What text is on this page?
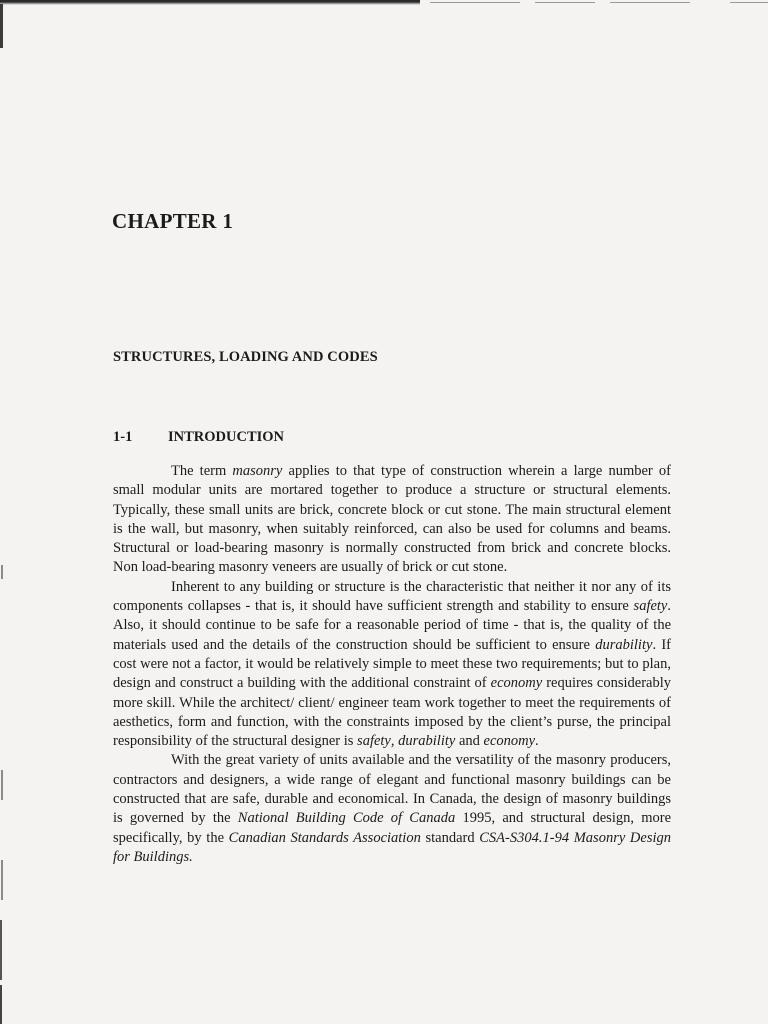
CHAPTER 1
STRUCTURES, LOADING AND CODES
1-1 INTRODUCTION

The term masonry applies to that type of construction wherein a large number of small modular units are mortared together to produce a structure or structural elements. Typically, these small units are brick, concrete block or cut stone. The main structural element is the wall, but masonry, when suitably reinforced, can also be used for columns and beams. Structural or load-bearing masonry is normally constructed from brick and concrete blocks. Non load-bearing masonry veneers are usually of brick or cut stone.

Inherent to any building or structure is the characteristic that neither it nor any of its components collapses - that is, it should have sufficient strength and stability to ensure safety. Also, it should continue to be safe for a reasonable period of time - that is, the quality of the materials used and the details of the construction should be sufficient to ensure durability. If cost were not a factor, it would be relatively simple to meet these two requirements; but to plan, design and construct a building with the additional constraint of economy requires considerably more skill. While the architect/ client/ engineer team work together to meet the requirements of aesthetics, form and function, with the constraints imposed by the client’s purse, the principal responsibility of the structural designer is safety, durability and economy.

With the great variety of units available and the versatility of the masonry producers, contractors and designers, a wide range of elegant and functional masonry buildings can be constructed that are safe, durable and economical. In Canada, the design of masonry buildings is governed by the National Building Code of Canada 1995, and structural design, more specifically, by the Canadian Standards Association standard CSA-S304.1-94 Masonry Design for Buildings.
